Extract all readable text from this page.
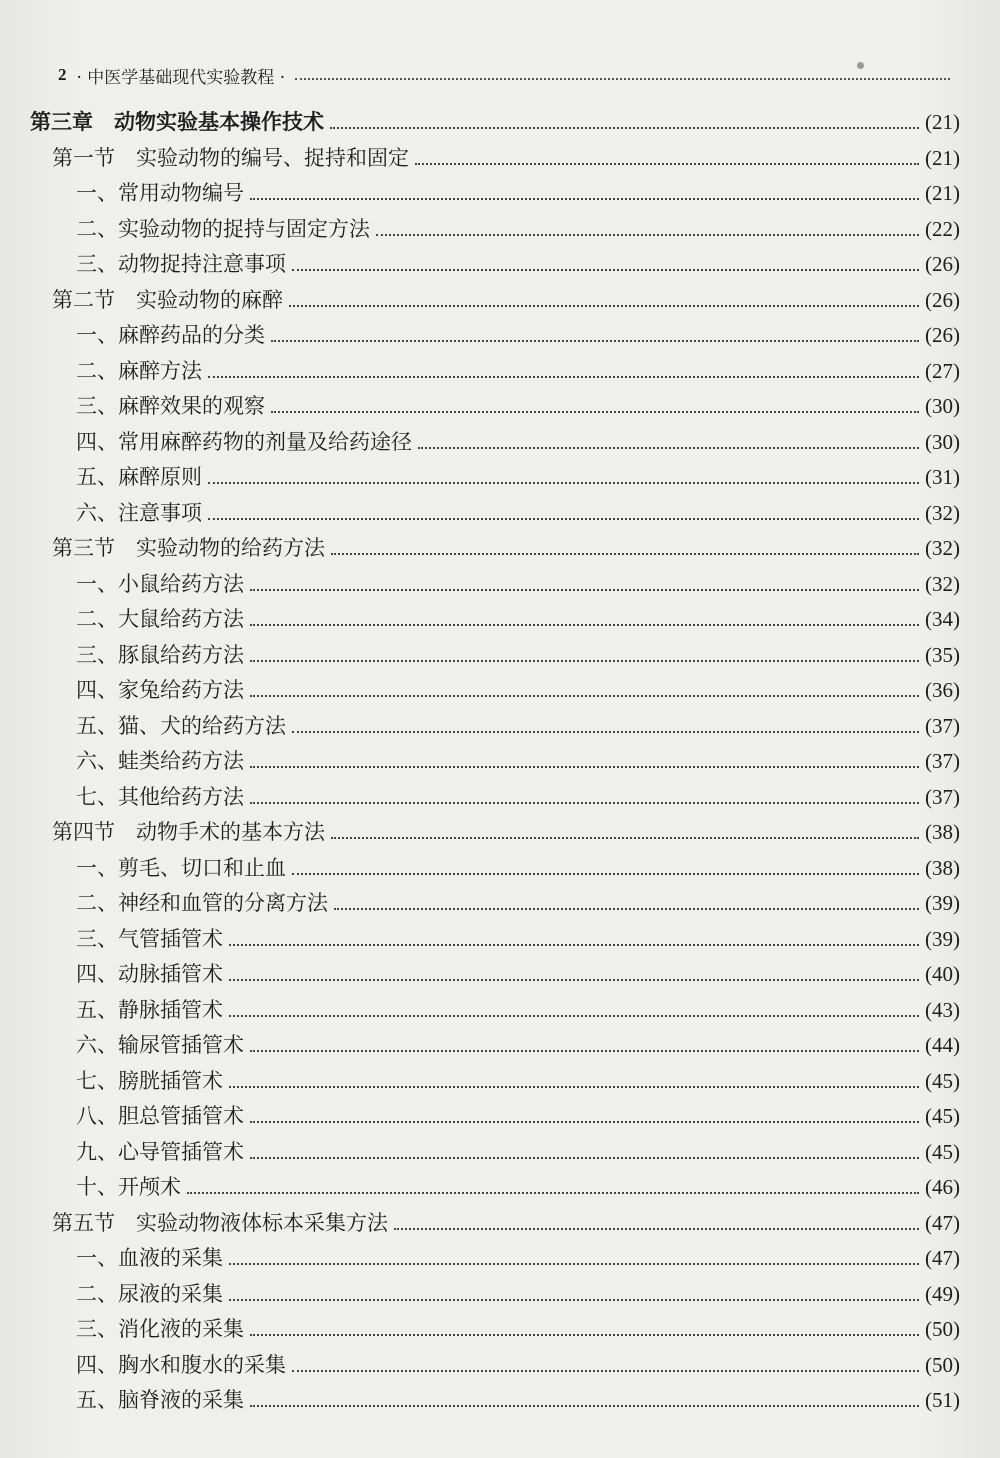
2 · 中医学基础现代实验教程 ·
第三章　动物实验基本操作技术	(21)
第一节　实验动物的编号、捉持和固定	(21)
一、常用动物编号	(21)
二、实验动物的捉持与固定方法	(22)
三、动物捉持注意事项	(26)
第二节　实验动物的麻醉	(26)
一、麻醉药品的分类	(26)
二、麻醉方法	(27)
三、麻醉效果的观察	(30)
四、常用麻醉药物的剂量及给药途径	(30)
五、麻醉原则	(31)
六、注意事项	(32)
第三节　实验动物的给药方法	(32)
一、小鼠给药方法	(32)
二、大鼠给药方法	(34)
三、豚鼠给药方法	(35)
四、家兔给药方法	(36)
五、猫、犬的给药方法	(37)
六、蛙类给药方法	(37)
七、其他给药方法	(37)
第四节　动物手术的基本方法	(38)
一、剪毛、切口和止血	(38)
二、神经和血管的分离方法	(39)
三、气管插管术	(39)
四、动脉插管术	(40)
五、静脉插管术	(43)
六、输尿管插管术	(44)
七、膀胱插管术	(45)
八、胆总管插管术	(45)
九、心导管插管术	(45)
十、开颅术	(46)
第五节　实验动物液体标本采集方法	(47)
一、血液的采集	(47)
二、尿液的采集	(49)
三、消化液的采集	(50)
四、胸水和腹水的采集	(50)
五、脑脊液的采集	(51)
